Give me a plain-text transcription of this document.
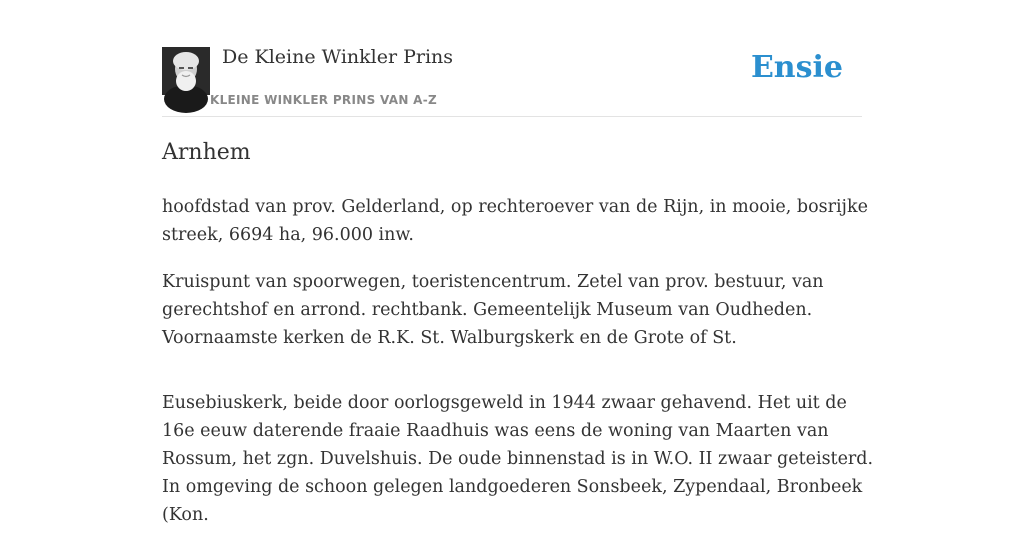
De Kleine Winkler Prins
KLEINE WINKLER PRINS VAN A-Z
Ensie
Arnhem

hoofdstad van prov. Gelderland, op rechteroever van de Rijn, in mooie, bosrijke streek, 6694 ha, 96.000 inw.

Kruispunt van spoorwegen, toeristencentrum. Zetel van prov. bestuur, van gerechtshof en arrond. rechtbank. Gemeentelijk Museum van Oudheden. Voornaamste kerken de R.K. St. Walburgskerk en de Grote of St.

Eusebiuskerk, beide door oorlogsgeweld in 1944 zwaar gehavend. Het uit de 16e eeuw daterende fraaie Raadhuis was eens de woning van Maarten van Rossum, het zgn. Duvelshuis. De oude binnenstad is in W.O. II zwaar geteisterd. In omgeving de schoon gelegen landgoederen Sonsbeek, Zypendaal, Bronbeek (Kon.
